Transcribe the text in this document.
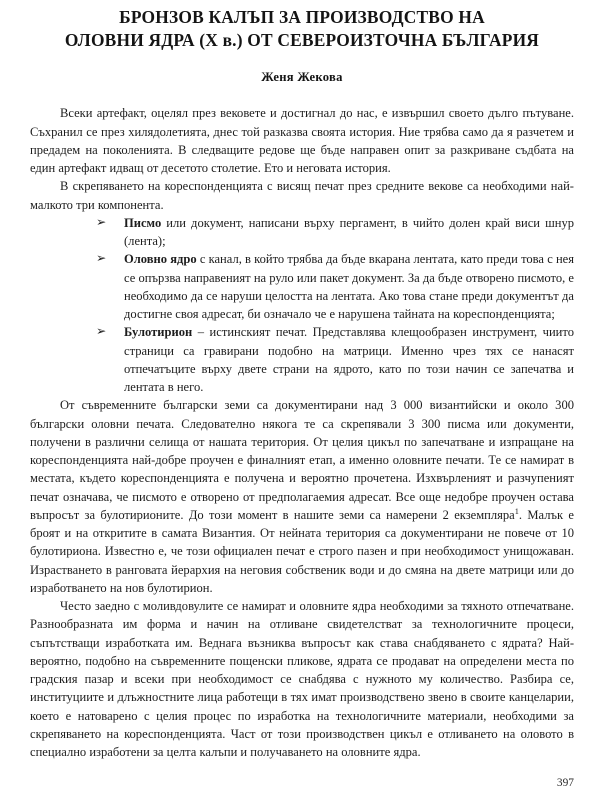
БРОНЗОВ КАЛЪП ЗА ПРОИЗВОДСТВО НА
ОЛОВНИ ЯДРА (X в.) ОТ СЕВЕРОИЗТОЧНА БЪЛГАРИЯ
Женя Жекова

Всеки артефакт, оцелял през вековете и достигнал до нас, е извършил своето дълго пътуване. Съхранил се през хилядолетията, днес той разказва своята история. Ние трябва само да я разчетем и предадем на поколенията. В следващите редове ще бъде направен опит за разкриване съдбата на един артефакт идващ от десетото столетие. Ето и неговата история.

В скрепяването на кореспонденцията с висящ печат през средните векове са необходими най-малкото три компонента.

➢ Писмо или документ, написани върху пергамент, в чийто долен край виси шнур (лента);
➢ Оловно ядро с канал, в който трябва да бъде вкарана лентата, като преди това с нея се опързва направеният на руло или пакет документ. За да бъде отворено писмото, е необходимо да се наруши целостта на лентата. Ако това стане преди документът да достигне своя адресат, би означало че е нарушена тайната на кореспонденцията;
➢ Булотирион – истинският печат. Представлява клещообразен инструмент, чиито страници са гравирани подобно на матрици. Именно чрез тях се нанасят отпечатъците върху двете страни на ядрото, като по този начин се запечатва и лентата в него.

От съвременните български земи са документирани над 3 000 византийски и около 300 български оловни печата. Следователно някога те са скрепявали 3 300 писма или документи, получени в различни селища от нашата територия. От целия цикъл по запечатване и изпращане на кореспонденцията най-добре проучен е финалният етап, а именно оловните печати. Те се намират в местата, където кореспонденцията е получена и вероятно прочетена. Изхвърленият и разчупеният печат означава, че писмото е отворено от предполагаемия адресат. Все още недобре проучен остава въпросът за булотирионите. До този момент в нашите земи са намерени 2 екземпляра$^1$. Малък е броят и на откритите в самата Византия. От нейната територия са документирани не повече от 10 булотириона. Известно е, че този официален печат е строго пазен и при необходимост унищожаван. Израстването в ранговата йерархия на неговия собственик води и до смяна на двете матрици или до изработването на нов булотирион.

Често заедно с моливдовулите се намират и оловните ядра необходими за тяхното отпечатване. Разнообразната им форма и начин на отливане свидетелстват за технологичните процеси, съпътстващи изработката им. Веднага възниква въпросът как става снабдяването с ядрата? Най-вероятно, подобно на съвременните пощенски пликове, ядрата се продават на определени места по градския пазар и всеки при необходимост се снабдява с нужното му количество. Разбира се, институциите и длъжностните лица работещи в тях имат производствено звено в своите канцеларии, което е натоварено с целия процес по изработка на технологичните материали, необходими за скрепяването на кореспонденцията. Част от този производствен цикъл е отливането на оловото в специално изработени за целта калъпи и получаването на оловните ядра.

397
